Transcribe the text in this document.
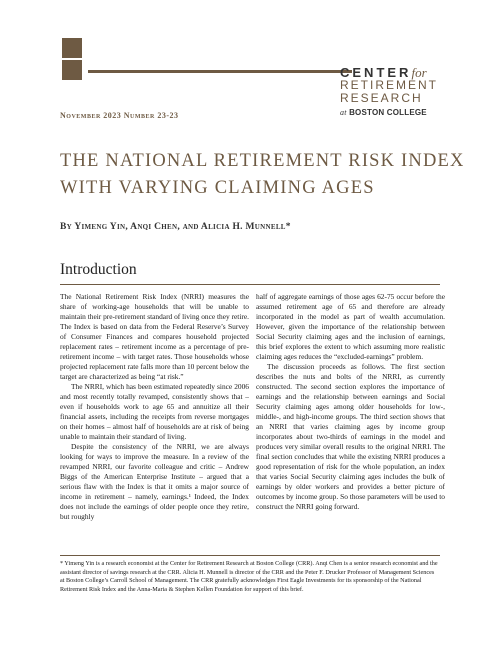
CENTERfor
RETIREMENT
RESEARCH
at BOSTON COLLEGE
November 2023 Number 23-23
THE NATIONAL RETIREMENT RISK INDEX
WITH VARYING CLAIMING AGES
By Yimeng Yin, Anqi Chen, and Alicia H. Munnell*
Introduction

The National Retirement Risk Index (NRRI) measures the share of working-age households that will be unable to maintain their pre-retirement standard of living once they retire. The Index is based on data from the Federal Reserve’s Survey of Consumer Finances and compares household projected replacement rates – retirement income as a percentage of pre-retirement income – with target rates. Those households whose projected replacement rate falls more than 10 percent below the target are characterized as being “at risk.”

The NRRI, which has been estimated repeatedly since 2006 and most recently totally revamped, consistently shows that – even if households work to age 65 and annuitize all their financial assets, including the receipts from reverse mortgages on their homes – almost half of households are at risk of being unable to maintain their standard of living.

Despite the consistency of the NRRI, we are always looking for ways to improve the measure. In a review of the revamped NRRI, our favorite colleague and critic – Andrew Biggs of the American Enterprise Institute – argued that a serious flaw with the Index is that it omits a major source of income in retirement – namely, earnings.¹ Indeed, the Index does not include the earnings of older people once they retire, but roughly

half of aggregate earnings of those ages 62-75 occur before the assumed retirement age of 65 and therefore are already incorporated in the model as part of wealth accumulation. However, given the importance of the relationship between Social Security claiming ages and the inclusion of earnings, this brief explores the extent to which assuming more realistic claiming ages reduces the “excluded-earnings” problem.

The discussion proceeds as follows. The first section describes the nuts and bolts of the NRRI, as currently constructed. The second section explores the importance of earnings and the relationship between earnings and Social Security claiming ages among older households for low-, middle-, and high-income groups. The third section shows that an NRRI that varies claiming ages by income group incorporates about two-thirds of earnings in the model and produces very similar overall results to the original NRRI. The final section concludes that while the existing NRRI produces a good representation of risk for the whole population, an index that varies Social Security claiming ages includes the bulk of earnings by older workers and provides a better picture of outcomes by income group. So those parameters will be used to construct the NRRI going forward.

* Yimeng Yin is a research economist at the Center for Retirement Research at Boston College (CRR). Anqi Chen is a senior research economist and the assistant director of savings research at the CRR. Alicia H. Munnell is director of the CRR and the Peter F. Drucker Professor of Management Sciences at Boston College’s Carroll School of Management. The CRR gratefully acknowledges First Eagle Investments for its sponsorship of the National Retirement Risk Index and the Anna-Maria & Stephen Kellen Foundation for support of this brief.
